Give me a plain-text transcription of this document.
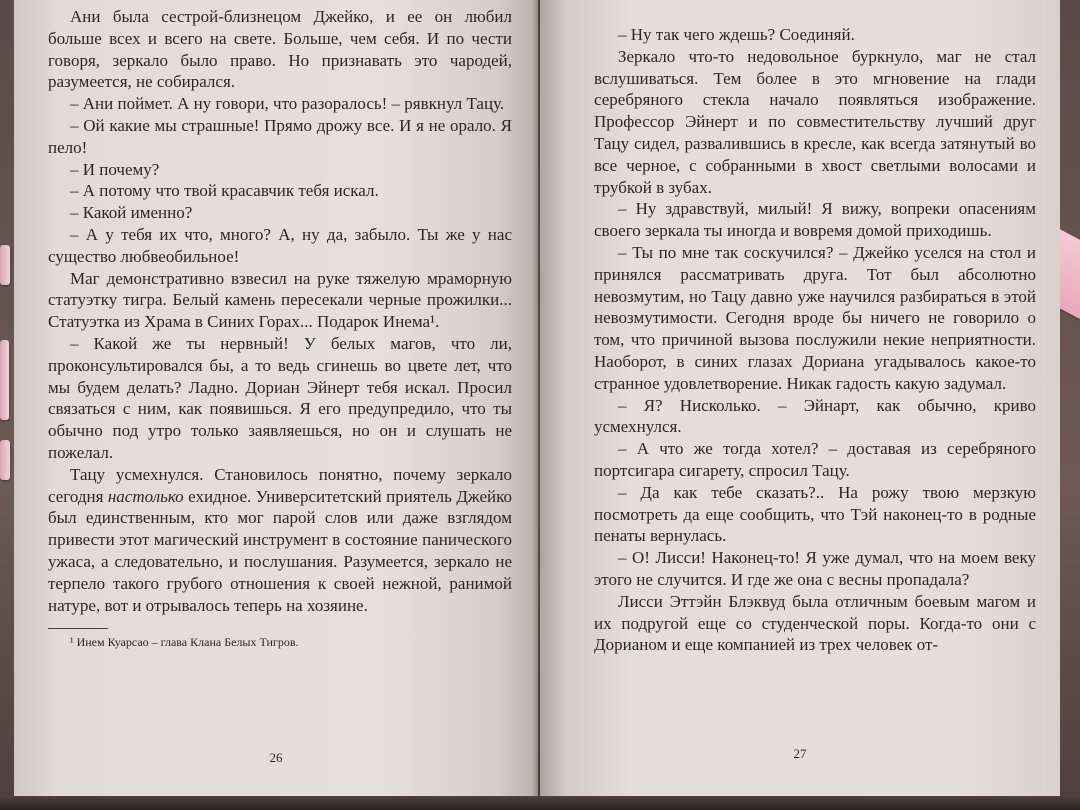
Ани была сестрой-близнецом Джейко, и ее он любил больше всех и всего на свете. Больше, чем себя. И по чести говоря, зеркало было право. Но признавать это чародей, разумеется, не собирался.

– Ани поймет. А ну говори, что разоралось! – рявкнул Тацу.

– Ой какие мы страшные! Прямо дрожу все. И я не орало. Я пело!

– И почему?

– А потому что твой красавчик тебя искал.

– Какой именно?

– А у тебя их что, много? А, ну да, забыло. Ты же у нас существо любвеобильное!

Маг демонстративно взвесил на руке тяжелую мраморную статуэтку тигра. Белый камень пересекали черные прожилки... Статуэтка из Храма в Синих Горах... Подарок Инема¹.

– Какой же ты нервный! У белых магов, что ли, проконсультировался бы, а то ведь сгинешь во цвете лет, что мы будем делать? Ладно. Дориан Эйнерт тебя искал. Просил связаться с ним, как появишься. Я его предупредило, что ты обычно под утро только заявляешься, но он и слушать не пожелал.

Тацу усмехнулся. Становилось понятно, почему зеркало сегодня настолько ехидное. Университетский приятель Джейко был единственным, кто мог парой слов или даже взглядом привести этот магический инструмент в состояние панического ужаса, а следовательно, и послушания. Разумеется, зеркало не терпело такого грубого отношения к своей нежной, ранимой натуре, вот и отрывалось теперь на хозяине.

¹ Инем Куарсао – глава Клана Белых Тигров.
26

– Ну так чего ждешь? Соединяй.

Зеркало что-то недовольное буркнуло, маг не стал вслушиваться. Тем более в это мгновение на глади серебряного стекла начало появляться изображение. Профессор Эйнерт и по совместительству лучший друг Тацу сидел, развалившись в кресле, как всегда затянутый во все черное, с собранными в хвост светлыми волосами и трубкой в зубах.

– Ну здравствуй, милый! Я вижу, вопреки опасениям своего зеркала ты иногда и вовремя домой приходишь.

– Ты по мне так соскучился? – Джейко уселся на стол и принялся рассматривать друга. Тот был абсолютно невозмутим, но Тацу давно уже научился разбираться в этой невозмутимости. Сегодня вроде бы ничего не говорило о том, что причиной вызова послужили некие неприятности. Наоборот, в синих глазах Дориана угадывалось какое-то странное удовлетворение. Никак гадость какую задумал.

– Я? Нисколько. – Эйнарт, как обычно, криво усмехнулся.

– А что же тогда хотел? – доставая из серебряного портсигара сигарету, спросил Тацу.

– Да как тебе сказать?.. На рожу твою мерзкую посмотреть да еще сообщить, что Тэй наконец-то в родные пенаты вернулась.

– О! Лисси! Наконец-то! Я уже думал, что на моем веку этого не случится. И где же она с весны пропадала?

Лисси Эттэйн Блэквуд была отличным боевым магом и их подругой еще со студенческой поры. Когда-то они с Дорианом и еще компанией из трех человек от-

27
